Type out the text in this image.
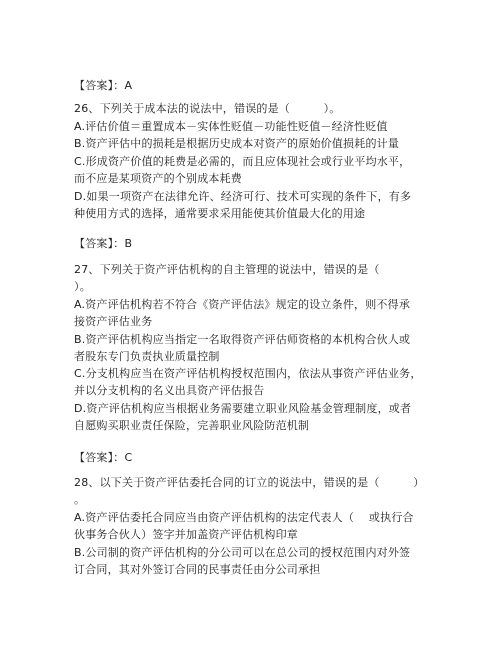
【答案】：A
26、下列关于成本法的说法中，错误的是（　　　）。
A.评估价值＝重置成本－实体性贬值－功能性贬值－经济性贬值
B.资产评估中的损耗是根据历史成本对资产的原始价值损耗的计量
C.形成资产价值的耗费是必需的，而且应体现社会或行业平均水平，
而不应是某项资产的个别成本耗费
D.如果一项资产在法律允许、经济可行、技术可实现的条件下，有多
种使用方式的选择，通常要求采用能使其价值最大化的用途
【答案】：B
27、下列关于资产评估机构的自主管理的说法中，错误的是（
）。
A.资产评估机构若不符合《资产评估法》规定的设立条件，则不得承
接资产评估业务
B.资产评估机构应当指定一名取得资产评估师资格的本机构合伙人或
者股东专门负责执业质量控制
C.分支机构应当在资产评估机构授权范围内，依法从事资产评估业务，
并以分支机构的名义出具资产评估报告
D.资产评估机构应当根据业务需要建立职业风险基金管理制度，或者
自愿购买职业责任保险，完善职业风险防范机制
【答案】：C
28、以下关于资产评估委托合同的订立的说法中，错误的是（　　　）
。
A.资产评估委托合同应当由资产评估机构的法定代表人（　 或执行合
伙事务合伙人）签字并加盖资产评估机构印章
B.公司制的资产评估机构的分公司可以在总公司的授权范围内对外签
订合同，其对外签订合同的民事责任由分公司承担
